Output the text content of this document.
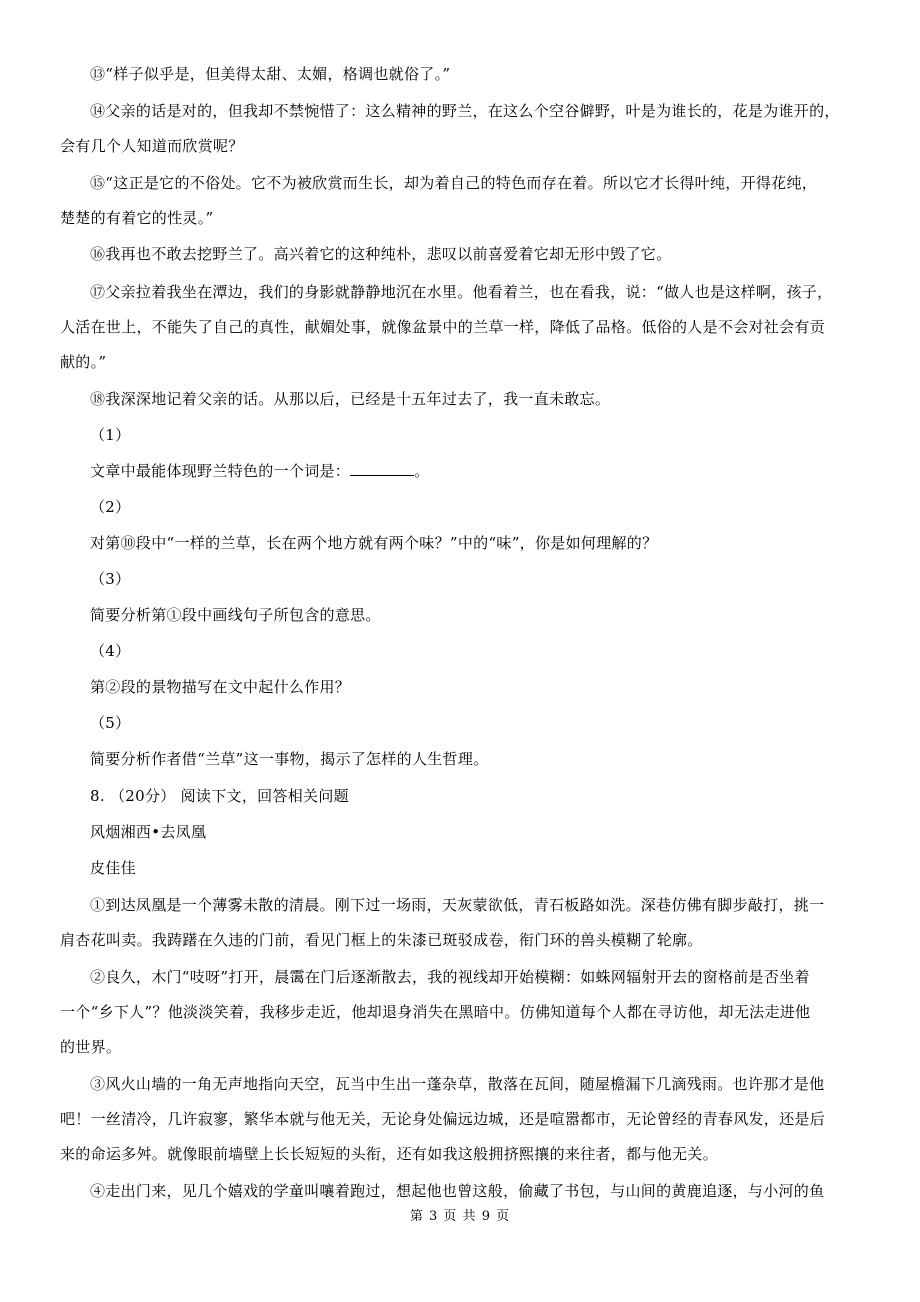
⑬“样子似乎是，但美得太甜、太媚，格调也就俗了。”
⑭父亲的话是对的，但我却不禁惋惜了：这么精神的野兰，在这么个空谷僻野，叶是为谁长的，花是为谁开的，
会有几个人知道而欣赏呢？
⑮“这正是它的不俗处。它不为被欣赏而生长，却为着自己的特色而存在着。所以它才长得叶纯，开得花纯，
楚楚的有着它的性灵。”
⑯我再也不敢去挖野兰了。高兴着它的这种纯朴，悲叹以前喜爱着它却无形中毁了它。
⑰父亲拉着我坐在潭边，我们的身影就静静地沉在水里。他看着兰，也在看我，说：“做人也是这样啊，孩子，
人活在世上，不能失了自己的真性，献媚处事，就像盆景中的兰草一样，降低了品格。低俗的人是不会对社会有贡
献的。”
⑱我深深地记着父亲的话。从那以后，已经是十五年过去了，我一直未敢忘。
（1）
文章中最能体现野兰特色的一个词是：	。
（2）
对第⑩段中“一样的兰草，长在两个地方就有两个味？”中的“味”，你是如何理解的？
（3）
简要分析第①段中画线句子所包含的意思。
（4）
第②段的景物描写在文中起什么作用？
（5）
简要分析作者借“兰草”这一事物，揭示了怎样的人生哲理。
8. （20分） 阅读下文，回答相关问题
风烟湘西•去凤凰
皮佳佳
①到达凤凰是一个薄雾未散的清晨。刚下过一场雨，天灰蒙欲低，青石板路如洗。深巷仿佛有脚步敲打，挑一
肩杏花叫卖。我踌躇在久违的门前，看见门框上的朱漆已斑驳成卷，衔门环的兽头模糊了轮廓。
②良久，木门“吱呀”打开，晨霭在门后逐渐散去，我的视线却开始模糊：如蛛网辐射开去的窗格前是否坐着
一个“乡下人”？他淡淡笑着，我移步走近，他却退身消失在黑暗中。仿佛知道每个人都在寻访他，却无法走进他
的世界。
③风火山墙的一角无声地指向天空，瓦当中生出一蓬杂草，散落在瓦间，随屋檐漏下几滴残雨。也许那才是他
吧！一丝清冷，几许寂寥，繁华本就与他无关，无论身处偏远边城，还是喧嚣都市，无论曾经的青春风发，还是后
来的命运多舛。就像眼前墙壁上长长短短的头衔，还有如我这般拥挤熙攘的来往者，都与他无关。
④走出门来，见几个嬉戏的学童叫嚷着跑过，想起他也曾这般，偷藏了书包，与山间的黄鹿追逐，与小河的鱼
第 3 页 共 9 页
